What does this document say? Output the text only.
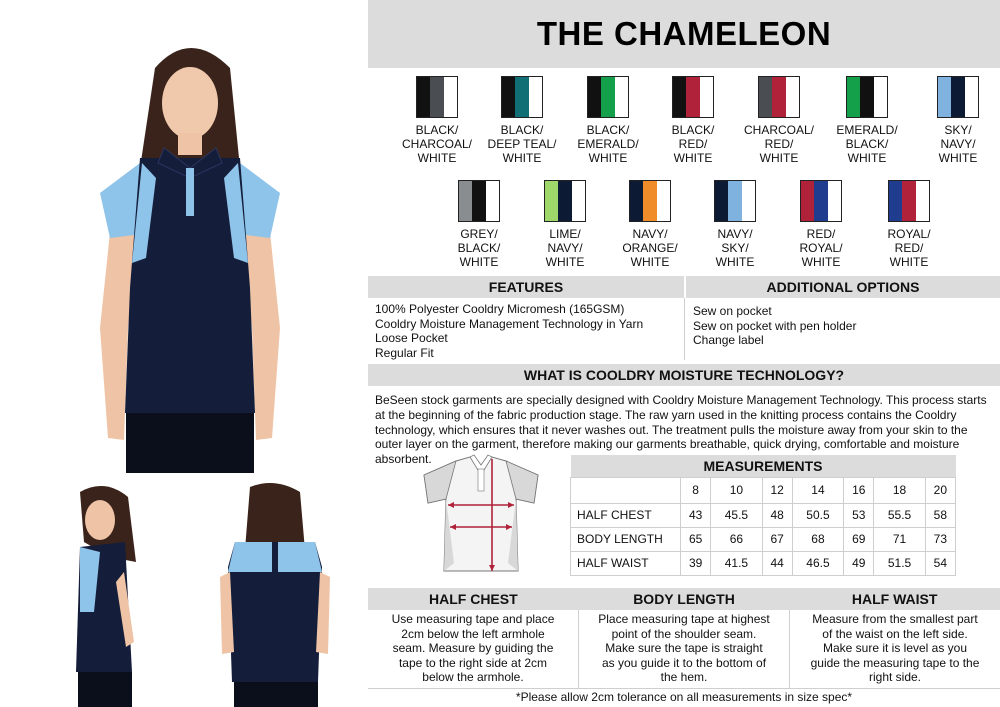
THE CHAMELEON
BLACK/
CHARCOAL/
WHITE
BLACK/
DEEP TEAL/
WHITE
BLACK/
EMERALD/
WHITE
BLACK/
RED/
WHITE
CHARCOAL/
RED/
WHITE
EMERALD/
BLACK/
WHITE
SKY/
NAVY/
WHITE
GREY/
BLACK/
WHITE
LIME/
NAVY/
WHITE
NAVY/
ORANGE/
WHITE
NAVY/
SKY/
WHITE
RED/
ROYAL/
WHITE
ROYAL/
RED/
WHITE
FEATURES	ADDITIONAL OPTIONS
100% Polyester Cooldry Micromesh (165GSM)
Cooldry Moisture Management Technology in Yarn
Loose Pocket
Regular Fit
Sew on pocket
Sew on pocket with pen holder
Change label
WHAT IS COOLDRY MOISTURE TECHNOLOGY?
BeSeen stock garments are specially designed with Cooldry Moisture Management Technology. This process starts at the beginning of the fabric production stage. The raw yarn used in the knitting process contains the Cooldry technology, which ensures that it never washes out. The treatment pulls the moisture away from your skin to the outer layer on the garment, therefore making our garments breathable, quick drying, comfortable and moisture absorbent.	MEASUREMENTS							
	8	10	12	14	16	18	20
HALF CHEST	43	45.5	48	50.5	53	55.5	58
BODY LENGTH	65	66	67	68	69	71	73
HALF WAIST	39	41.5	44	46.5	49	51.5	54
HALF CHEST	BODY LENGTH	HALF WAIST
Use measuring tape and place
2cm below the left armhole
seam. Measure by guiding the
tape to the right side at 2cm
below the armhole.
Place measuring tape at highest
point of the shoulder seam.
Make sure the tape is straight
as you guide it to the bottom of
the hem.
Measure from the smallest part
of the waist on the left side.
Make sure it is level as you
guide the measuring tape to the
right side.
*Please allow 2cm tolerance on all measurements in size spec*
